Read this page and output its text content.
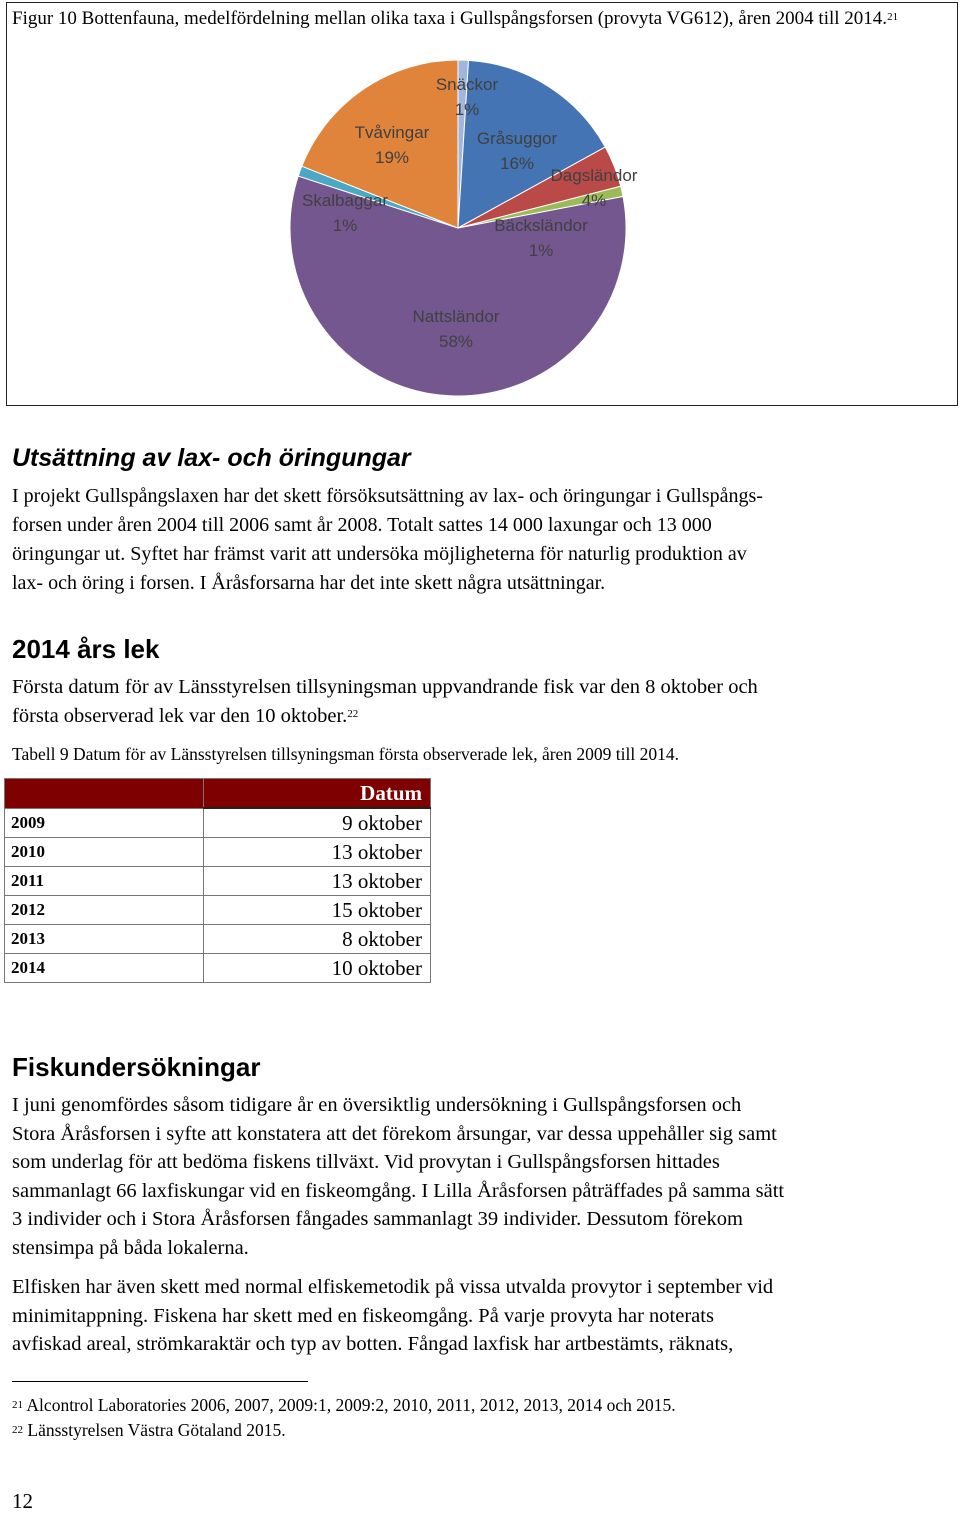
Figur 10 Bottenfauna, medelfördelning mellan olika taxa i Gullspångsforsen (provyta VG612), åren 2004 till 2014.21
Snäckor
1%
Gråsuggor
16%
Dagsländor
4%
Bäcksländor
1%
Nattsländor
58%
Skalbaggar
1%
Tvåvingar
19%
Utsättning av lax- och öringungar
I projekt Gullspångslaxen har det skett försöksutsättning av lax- och öringungar i Gullspångs-
forsen under åren 2004 till 2006 samt år 2008. Totalt sattes 14 000 laxungar och 13 000
öringungar ut. Syftet har främst varit att undersöka möjligheterna för naturlig produktion av
lax- och öring i forsen. I Åråsforsarna har det inte skett några utsättningar.
2014 års lek
Första datum för av Länsstyrelsen tillsyningsman uppvandrande fisk var den 8 oktober och
första observerad lek var den 10 oktober.$^{22}$
Tabell 9 Datum för av Länsstyrelsen tillsyningsman första observerade lek, åren 2009 till 2014.
	Datum
2009	9 oktober
2010	13 oktober
2011	13 oktober
2012	15 oktober
2013	8 oktober
2014	10 oktober
Fiskundersökningar
I juni genomfördes såsom tidigare år en översiktlig undersökning i Gullspångsforsen och
Stora Åråsforsen i syfte att konstatera att det förekom årsungar, var dessa uppehåller sig samt
som underlag för att bedöma fiskens tillväxt. Vid provytan i Gullspångsforsen hittades
sammanlagt 66 laxfiskungar vid en fiskeomgång. I Lilla Åråsforsen påträffades på samma sätt
3 individer och i Stora Åråsforsen fångades sammanlagt 39 individer. Dessutom förekom
stensimpa på båda lokalerna.
Elfisken har även skett med normal elfiskemetodik på vissa utvalda provytor i september vid
minimitappning. Fiskena har skett med en fiskeomgång. På varje provyta har noterats
avfiskad areal, strömkaraktär och typ av botten. Fångad laxfisk har artbestämts, räknats,
$^{21}$ Alcontrol Laboratories 2006, 2007, 2009:1, 2009:2, 2010, 2011, 2012, 2013, 2014 och 2015.
$^{22}$ Länsstyrelsen Västra Götaland 2015.
12
